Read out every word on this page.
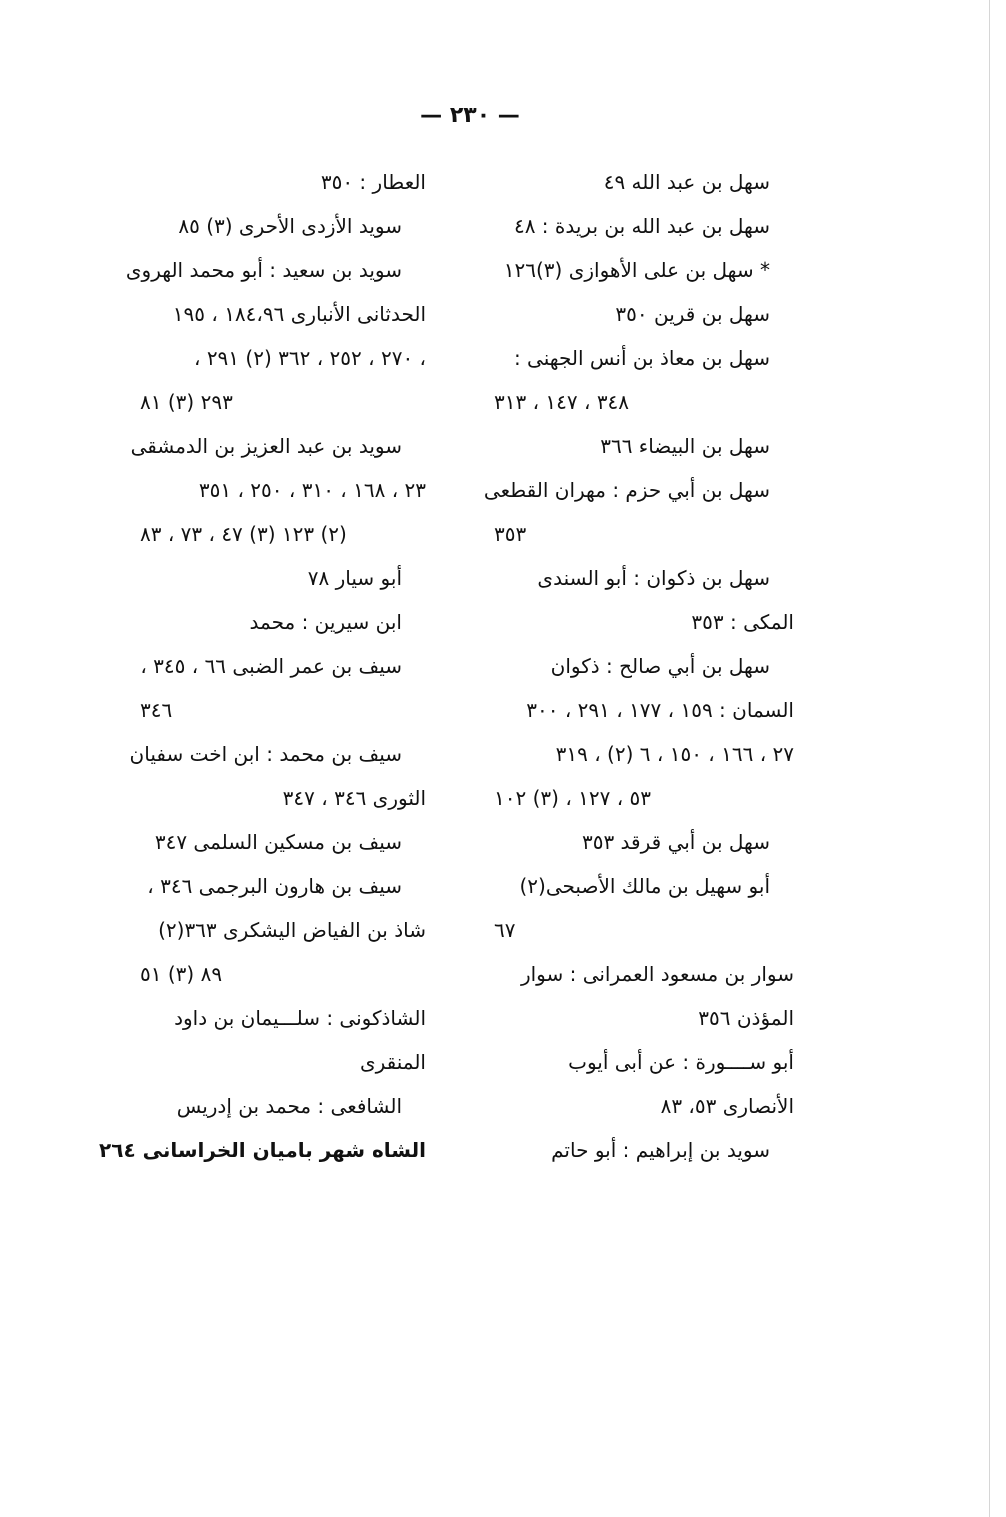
— ٢٣٠ —
سهل بن عبد الله ٤٩
سهل بن عبد الله بن بريدة : ٤٨
* سهل بن على الأهوازى (٣)١٢٦
سهل بن قرين ٣٥٠
سهل بن معاذ بن أنس الجهنى :
٣٤٨ ، ١٤٧ ، ٣١٣
سهل بن البيضاء ٣٦٦
سهل بن أبي حزم : مهران القطعى
٣٥٣
سهل بن ذكوان : أبو السندى
المكى : ٣٥٣
سهل بن أبي صالح : ذكوان
السمان : ١٥٩ ، ١٧٧ ، ٢٩١ ، ٣٠٠
٢٧ ، ١٦٦ ، ١٥٠ ، ٦ (٢) ، ٣١٩
٥٣ ، ١٢٧ ، (٣) ١٠٢
سهل بن أبي قرقد ٣٥٣
أبو سهيل بن مالك الأصبحى(٢)
٦٧
سوار بن مسعود العمرانى : سوار
المؤذن ٣٥٦
أبو ســــورة : عن أبى أيوب
الأنصارى ٥٣، ٨٣
سويد بن إبراهيم : أبو حاتم
العطار : ٣٥٠
سويد الأزدى الأحرى (٣) ٨٥
سويد بن سعيد : أبو محمد الهروى
الحدثانى الأنبارى ١٨٤،٩٦ ، ١٩٥
، ٢٧٠ ، ٢٥٢ ، ٣٦٢ (٢) ٢٩١ ،
٢٩٣ (٣) ٨١
سويد بن عبد العزيز بن الدمشقى
٢٣ ، ١٦٨ ، ٣١٠ ، ٢٥٠ ، ٣٥١
(٢) ١٢٣ (٣) ٤٧ ، ٧٣ ، ٨٣
أبو سيار ٧٨
ابن سيرين : محمد
سيف بن عمر الضبى ٦٦ ، ٣٤٥ ،
٣٤٦
سيف بن محمد : ابن اخت سفيان
الثورى ٣٤٦ ، ٣٤٧
سيف بن مسكين السلمى ٣٤٧
سيف بن هارون البرجمى ٣٤٦ ،
شاذ بن الفياض اليشكرى ٣٦٣(٢)
٨٩ (٣) ٥١
الشاذكونى : سلـــيمان بن داود
المنقرى
الشافعى : محمد بن إدريس
الشاه شهر باميان الخراسانى ٢٦٤
